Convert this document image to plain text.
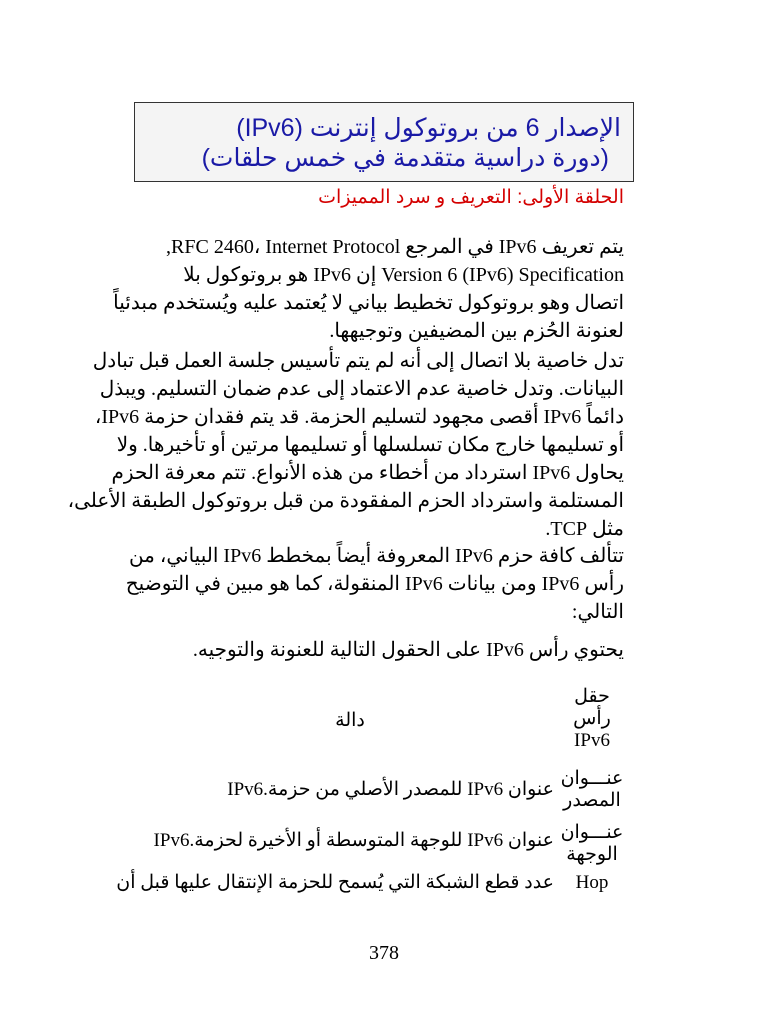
الإصدار 6 من بروتوكول إنترنت (IPv6)
(دورة دراسية متقدمة في خمس حلقات)
الحلقة الأولى: التعريف و سرد المميزات
يتم تعريف IPv6 في المرجع RFC 2460، Internet Protocol,
Version 6 (IPv6) Specification إن IPv6 هو بروتوكول بلا
اتصال وهو بروتوكول تخطيط بياني لا يُعتمد عليه ويُستخدم مبدئياً
لعنونة الحُزم بين المضيفين وتوجيهها.
تدل خاصية بلا اتصال إلى أنه لم يتم تأسيس جلسة العمل قبل تبادل
البيانات. وتدل خاصية عدم الاعتماد إلى عدم ضمان التسليم. ويبذل
دائماً IPv6 أقصى مجهود لتسليم الحزمة. قد يتم فقدان حزمة IPv6،
أو تسليمها خارج مكان تسلسلها أو تسليمها مرتين أو تأخيرها. ولا
يحاول IPv6 استرداد من أخطاء من هذه الأنواع. تتم معرفة الحزم
المستلمة واسترداد الحزم المفقودة من قبل بروتوكول الطبقة الأعلى،
مثل TCP.
تتألف كافة حزم IPv6 المعروفة أيضاً بمخطط IPv6 البياني، من
رأس IPv6 ومن بيانات IPv6 المنقولة، كما هو مبين في التوضيح
التالي:
يحتوي رأس IPv6 على الحقول التالية للعنونة والتوجيه.
حقل
رأس
IPv6
دالة
عنـــوان
المصدر
عنوان IPv6 للمصدر الأصلي من حزمة.IPv6
عنـــوان
الوجهة
عنوان IPv6 للوجهة المتوسطة أو الأخيرة لحزمة.IPv6
Hop
عدد قطع الشبكة التي يُسمح للحزمة الإنتقال عليها قبل أن
378
